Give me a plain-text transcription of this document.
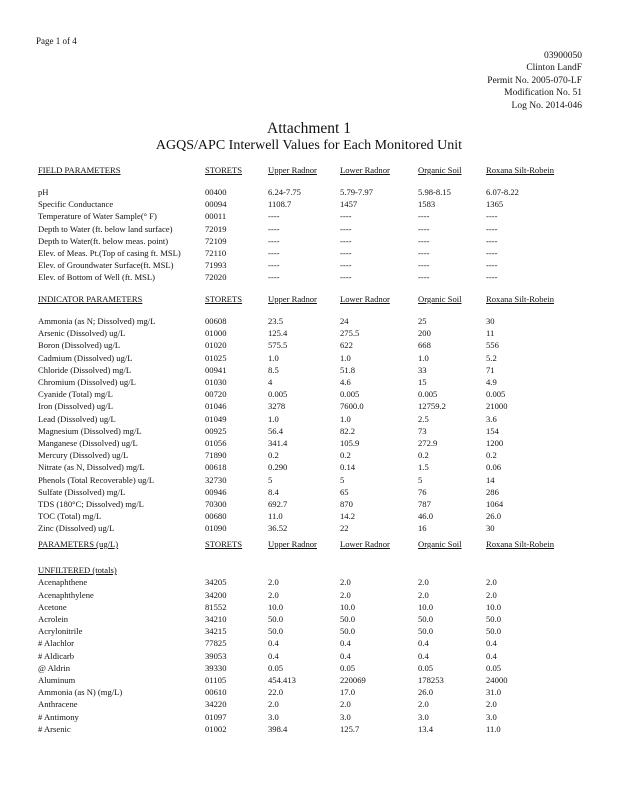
Page 1 of 4
03900050
Clinton LandF
Permit No. 2005-070-LF
Modification No. 51
Log No. 2014-046
Attachment 1
AGQS/APC Interwell Values for Each Monitored Unit
FIELD PARAMETERS	STORETS	Upper Radnor	Lower Radnor	Organic Soil	Roxana Silt-Robein
pH	00400	6.24-7.75	5.79-7.97	5.98-8.15	6.07-8.22
Specific Conductance	00094	1108.7	1457	1583	1365
Temperature of Water Sample(° F)	00011	----	----	----	----
Depth to Water (ft. below land surface)	72019	----	----	----	----
Depth to Water(ft. below meas. point)	72109	----	----	----	----
Elev. of Meas. Pt.(Top of casing ft. MSL)	72110	----	----	----	----
Elev. of Groundwater Surface(ft. MSL)	71993	----	----	----	----
Elev. of Bottom of Well (ft. MSL)	72020	----	----	----	----
INDICATOR PARAMETERS	STORETS	Upper Radnor	Lower Radnor	Organic Soil	Roxana Silt-Robein
Ammonia (as N; Dissolved) mg/L	00608	23.5	24	25	30
Arsenic (Dissolved) ug/L	01000	125.4	275.5	200	11
Boron (Dissolved) ug/L	01020	575.5	622	668	556
Cadmium (Dissolved) ug/L	01025	1.0	1.0	1.0	5.2
Chloride (Dissolved) mg/L	00941	8.5	51.8	33	71
Chromium (Dissolved) ug/L	01030	4	4.6	15	4.9
Cyanide (Total) mg/L	00720	0.005	0.005	0.005	0.005
Iron (Dissolved) ug/L	01046	3278	7600.0	12759.2	21000
Lead (Dissolved) ug/L	01049	1.0	1.0	2.5	3.6
Magnesium (Dissolved) mg/L	00925	56.4	82.2	73	154
Manganese (Dissolved) ug/L	01056	341.4	105.9	272.9	1200
Mercury (Dissolved) ug/L	71890	0.2	0.2	0.2	0.2
Nitrate (as N, Dissolved) mg/L	00618	0.290	0.14	1.5	0.06
Phenols (Total Recoverable) ug/L	32730	5	5	5	14
Sulfate (Dissolved) mg/L	00946	8.4	65	76	286
TDS (180°C; Dissolved) mg/L	70300	692.7	870	787	1064
TOC (Total) mg/L	00680	11.0	14.2	46.0	26.0
Zinc (Dissolved) ug/L	01090	36.52	22	16	30
PARAMETERS (ug/L)	STORETS	Upper Radnor	Lower Radnor	Organic Soil	Roxana Silt-Robein
UNFILTERED (totals)
Acenaphthene	34205	2.0	2.0	2.0	2.0
Acenaphthylene	34200	2.0	2.0	2.0	2.0
Acetone	81552	10.0	10.0	10.0	10.0
Acrolein	34210	50.0	50.0	50.0	50.0
Acrylonitrile	34215	50.0	50.0	50.0	50.0
# Alachlor	77825	0.4	0.4	0.4	0.4
# Aldicarb	39053	0.4	0.4	0.4	0.4
@ Aldrin	39330	0.05	0.05	0.05	0.05
Aluminum	01105	454.413	220069	178253	24000
Ammonia (as N) (mg/L)	00610	22.0	17.0	26.0	31.0
Anthracene	34220	2.0	2.0	2.0	2.0
# Antimony	01097	3.0	3.0	3.0	3.0
# Arsenic	01002	398.4	125.7	13.4	11.0
